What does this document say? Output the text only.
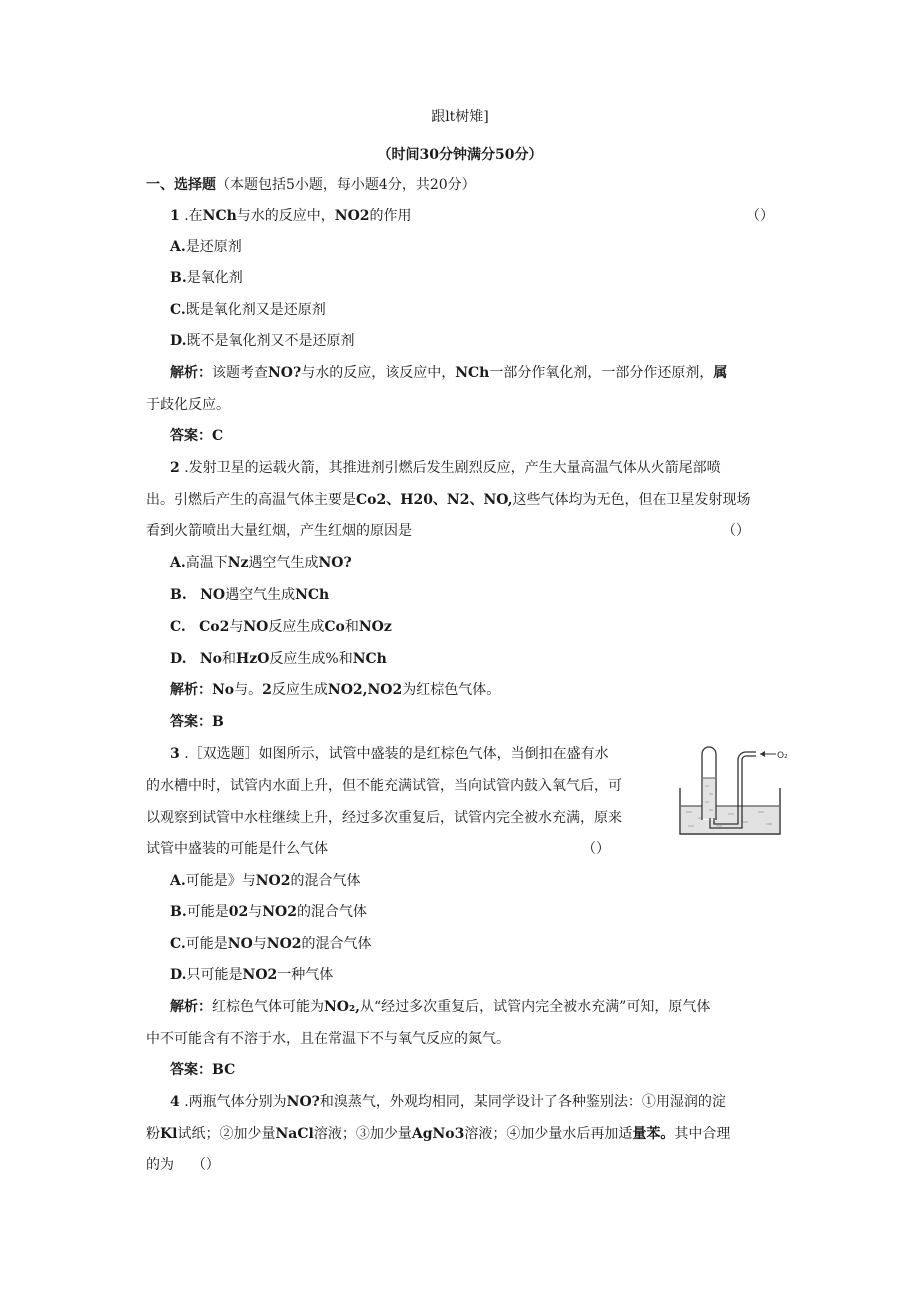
跟lt树雉]
（时间30分钟满分50分）
一、选择题（本题包括5小题，每小题4分，共20分）
1 .在NCh与水的反应中，NO2的作用	（）
A.是还原剂
B.是氧化剂
C.既是氧化剂又是还原剂
D.既不是氧化剂又不是还原剂
解析：该题考查NO?与水的反应，该反应中，NCh一部分作氧化剂，一部分作还原剂，属
于歧化反应。
答案：C
2 .发射卫星的运载火箭，其推进剂引燃后发生剧烈反应，产生大量高温气体从火箭尾部喷
出。引燃后产生的高温气体主要是Co2、H20、N2、NO,这些气体均为无色，但在卫星发射现场
看到火箭喷出大量红烟，产生红烟的原因是	（）
A.高温下Nz遇空气生成NO?
B. NO遇空气生成NCh
C. Co2与NO反应生成Co和NOz
D. No和HzO反应生成%和NCh
解析：No与。2反应生成NO2,NO2为红棕色气体。
答案：B
3 .［双选题］如图所示，试管中盛装的是红棕色气体，当倒扣在盛有水
的水槽中时，试管内水面上升，但不能充满试管，当向试管内鼓入氧气后，可
以观察到试管中水柱继续上升，经过多次重复后，试管内完全被水充满，原来
试管中盛装的可能是什么气体	（）
O₂
A.可能是》与NO2的混合气体
B.可能是02与NO2的混合气体
C.可能是NO与NO2的混合气体
D.只可能是NO2一种气体
解析：红棕色气体可能为NO₂,从“经过多次重复后，试管内完全被水充满”可知，原气体
中不可能含有不溶于水，且在常温下不与氧气反应的氮气。
答案：BC
4 .两瓶气体分别为NO?和溴蒸气，外观均相同，某同学设计了各种鉴别法：①用湿润的淀
粉Kl试纸；②加少量NaCl溶液；③加少量AgNo3溶液；④加少量水后再加适量苯。其中合理
的为 （）
